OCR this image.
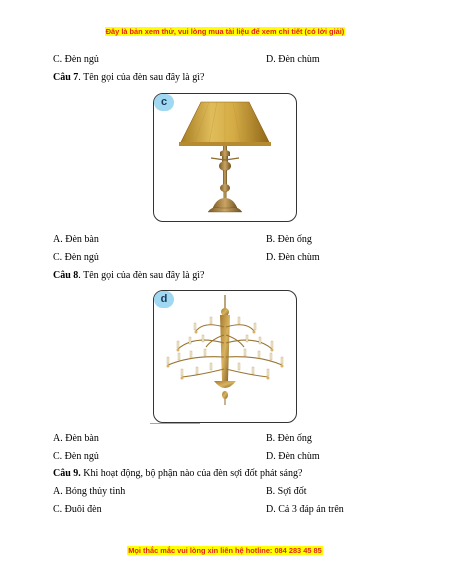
Đây là bản xem thử, vui lòng mua tài liệu để xem chi tiết (có lời giải)
C. Đèn ngủ	D. Đèn chùm
Câu 7. Tên gọi của đèn sau đây là gì?
c
A. Đèn bàn	B. Đèn ống
C. Đèn ngủ	D. Đèn chùm
Câu 8. Tên gọi của đèn sau đây là gì?
d
A. Đèn bàn	B. Đèn ống
C. Đèn ngủ	D. Đèn chùm
Câu 9. Khi hoạt động, bộ phận nào của đèn sợi đốt phát sáng?
A. Bóng thủy tinh	B. Sợi đốt
C. Đuôi đèn	D. Cả 3 đáp án trên
Mọi thắc mắc vui lòng xin liên hệ hotline: 084 283 45 85
